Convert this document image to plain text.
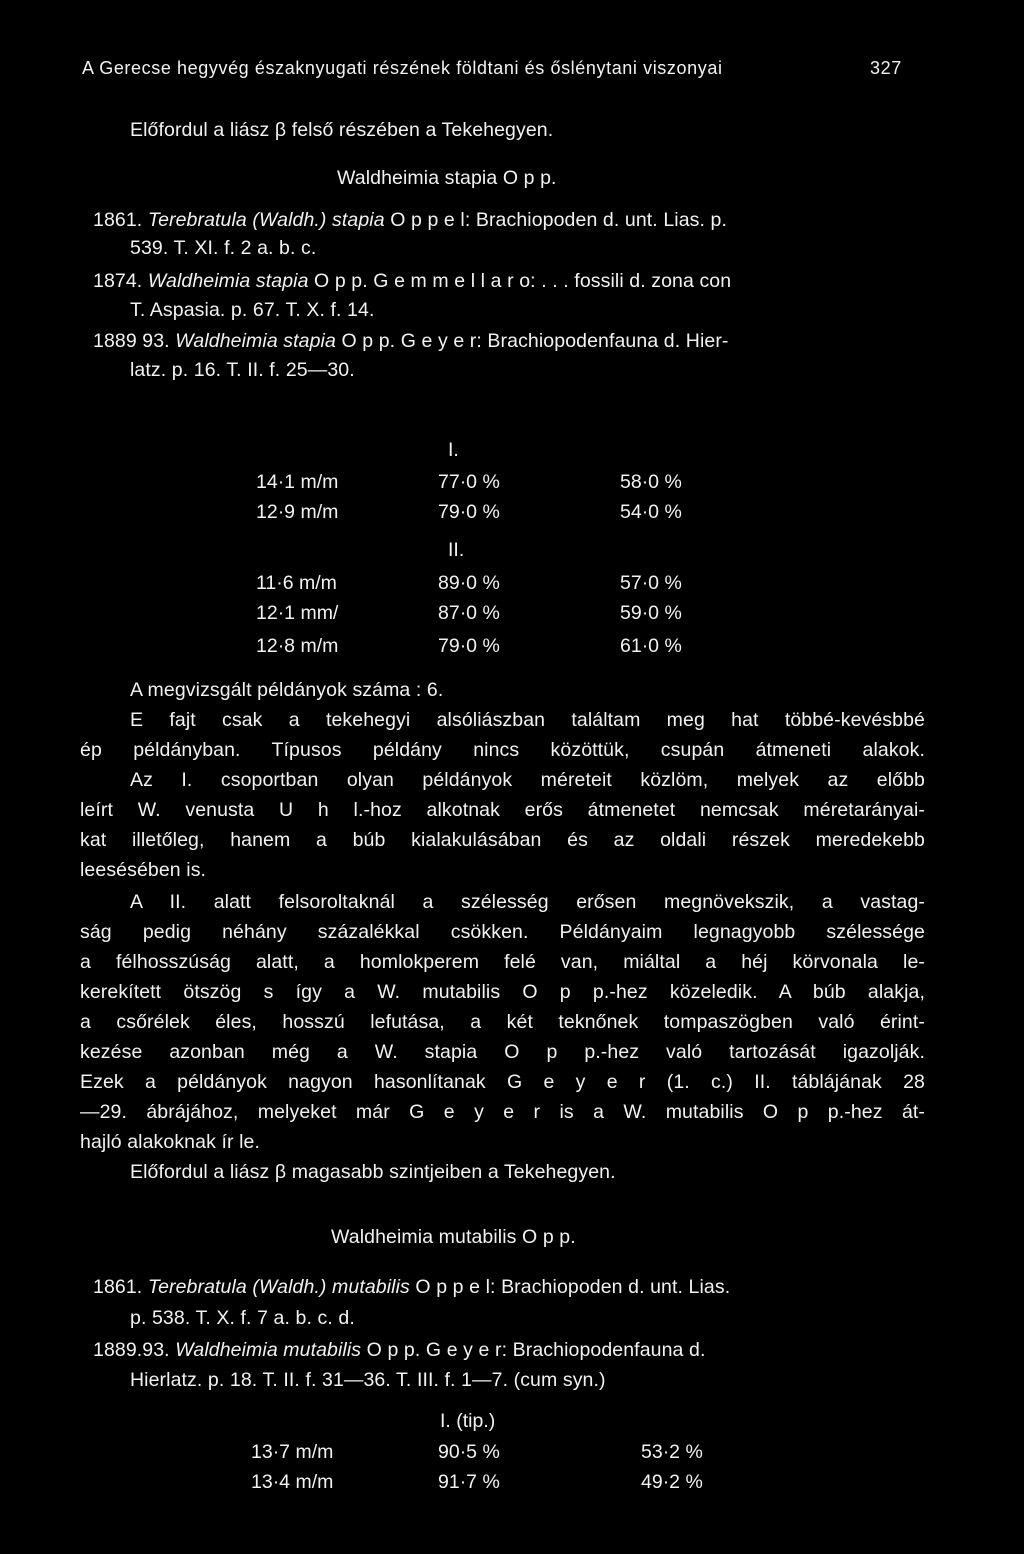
A Gerecse hegyvég északnyugati részének földtani és őslénytani viszonyai	327
Előfordul a liász β felső részében a Tekehegyen.
Waldheimia stapia O p p.
1861. Terebratula (Waldh.) stapia O p p e l: Brachiopoden d. unt. Lias. p.
539. T. XI. f. 2 a. b. c.
1874. Waldheimia stapia O p p. G e m m e l l a r o: . . . fossili d. zona con
T. Aspasia. p. 67. T. X. f. 14.
1889 93. Waldheimia stapia O p p. G e y e r: Brachiopodenfauna d. Hier-
latz. p. 16. T. II. f. 25—30.
I.
14·1 m/m	77·0 %	58·0 %
12·9 m/m	79·0 %	54·0 %
II.
11·6 m/m	89·0 %	57·0 %
12·1 mm/	87·0 %	59·0 %
12·8 m/m	79·0 %	61·0 %
A megvizsgált példányok száma : 6.
E fajt csak a tekehegyi alsóliászban találtam meg hat többé-kevésbbé
ép példányban. Típusos példány nincs közöttük, csupán átmeneti alakok.
Az I. csoportban olyan példányok méreteit közlöm, melyek az előbb
leírt W. venusta U h l.-hoz alkotnak erős átmenetet nemcsak méretarányai-
kat illetőleg, hanem a búb kialakulásában és az oldali részek meredekebb
leesésében is.
A II. alatt felsoroltaknál a szélesség erősen megnövekszik, a vastag-
ság pedig néhány százalékkal csökken. Példányaim legnagyobb szélessége
a félhosszúság alatt, a homlokperem felé van, miáltal a héj körvonala le-
kerekített ötszög s így a W. mutabilis O p p.-hez közeledik. A búb alakja,
a csőrélek éles, hosszú lefutása, a két teknőnek tompaszögben való érint-
kezése azonban még a W. stapia O p p.-hez való tartozását igazolják.
Ezek a példányok nagyon hasonlítanak G e y e r (1. c.) II. táblájának 28
—29. ábrájához, melyeket már G e y e r is a W. mutabilis O p p.-hez át-
hajló alakoknak ír le.
Előfordul a liász β magasabb szintjeiben a Tekehegyen.
Waldheimia mutabilis O p p.
1861. Terebratula (Waldh.) mutabilis O p p e l: Brachiopoden d. unt. Lias.
p. 538. T. X. f. 7 a. b. c. d.
1889.93. Waldheimia mutabilis O p p. G e y e r: Brachiopodenfauna d.
Hierlatz. p. 18. T. II. f. 31—36. T. III. f. 1—7. (cum syn.)
I. (tip.)
13·7 m/m	90·5 %	53·2 %
13·4 m/m	91·7 %	49·2 %
